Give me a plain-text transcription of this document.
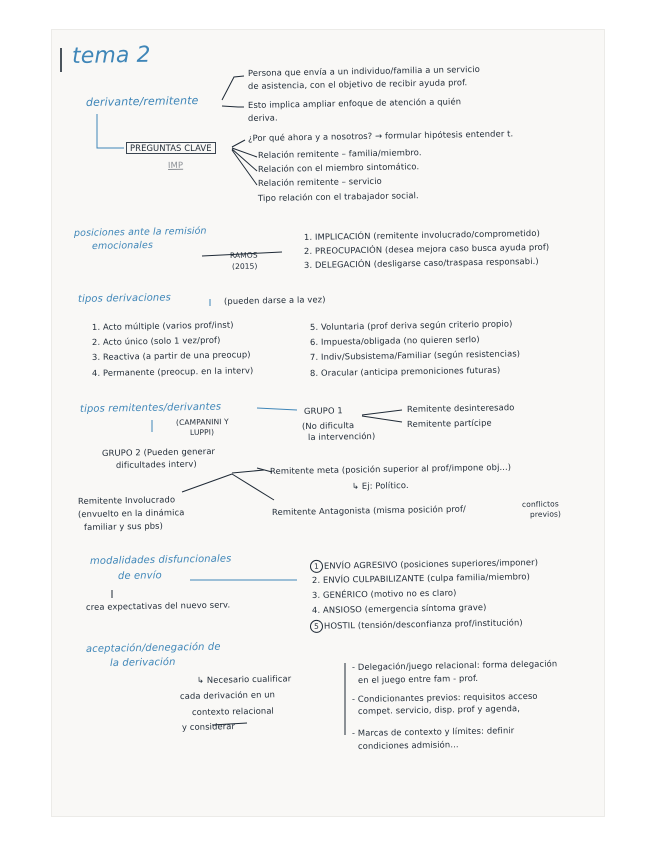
tema 2
derivante/remitente
Persona que envía a un individuo/familia a un servicio
de asistencia, con el objetivo de recibir ayuda prof.
Esto implica ampliar enfoque de atención a quién
deriva.
PREGUNTAS CLAVE
IMP
¿Por qué ahora y a nosotros? → formular hipótesis entender t.
Relación remitente – familia/miembro.
Relación con el miembro sintomático.
Relación remitente – servicio
Tipo relación con el trabajador social.
posiciones ante la remisión
emocionales
RAMOS
(2015)
1. IMPLICACIÓN (remitente involucrado/comprometido)
2. PREOCUPACIÓN (desea mejora caso busca ayuda prof)
3. DELEGACIÓN (desligarse caso/traspasa responsabi.)
tipos derivaciones	(pueden darse a la vez)
1. Acto múltiple (varios prof/inst)
2. Acto único (solo 1 vez/prof)
3. Reactiva (a partir de una preocup)
4. Permanente (preocup. en la interv)
5. Voluntaria (prof deriva según criterio propio)
6. Impuesta/obligada (no quieren serlo)
7. Indiv/Subsistema/Familiar (según resistencias)
8. Oracular (anticipa premoniciones futuras)
tipos remitentes/derivantes
(CAMPANINI Y
LUPPI)
GRUPO 1
(No dificulta
la intervención)
Remitente desinteresado
Remitente partícipe
GRUPO 2 (Pueden generar
dificultades interv)	Remitente meta (posición superior al prof/impone obj...)
↳ Ej: Político.
Remitente Involucrado
(envuelto en la dinámica
familiar y sus pbs)
Remitente Antagonista (misma posición prof/	conflictos
previos)
modalidades disfuncionales
de envío
crea expectativas del nuevo serv.
1 ENVÍO AGRESIVO (posiciones superiores/imponer)
2. ENVÍO CULPABILIZANTE (culpa familia/miembro)
3. GENÉRICO (motivo no es claro)
4. ANSIOSO (emergencia síntoma grave)
5 HOSTIL (tensión/desconfianza prof/institución)
aceptación/denegación de
la derivación
↳ Necesario cualificar
cada derivación en un
contexto relacional
y considerar
- Delegación/juego relacional: forma delegación
en el juego entre fam - prof.
- Condicionantes previos: requisitos acceso
compet. servicio, disp. prof y agenda,
- Marcas de contexto y límites: definir
condiciones admisión...
